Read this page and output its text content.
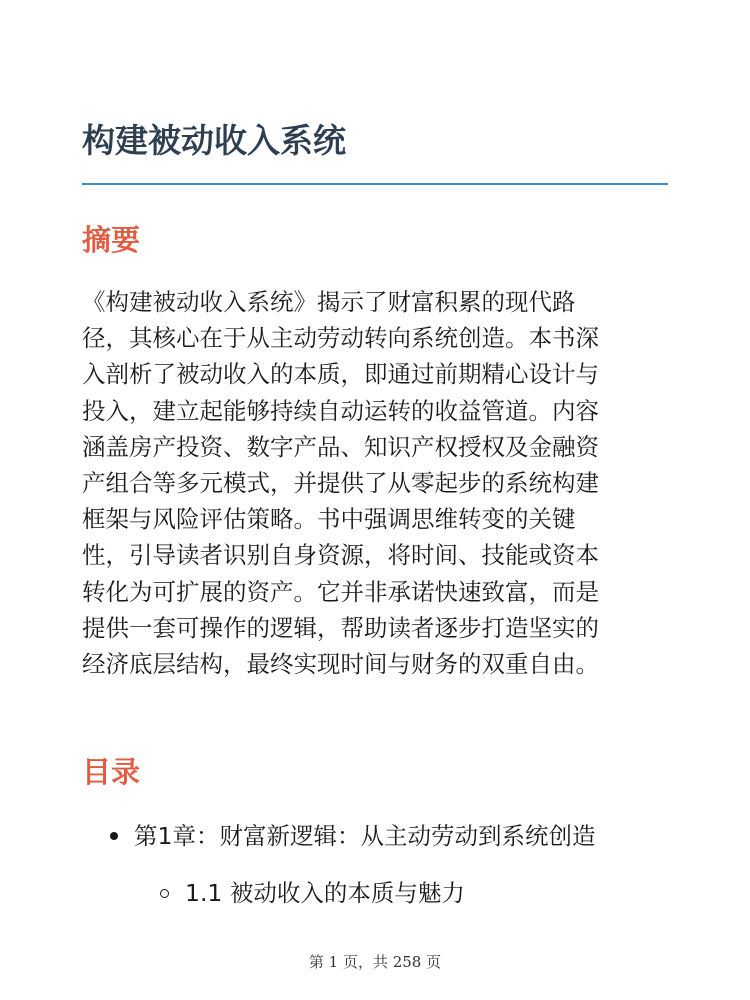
构建被动收入系统
摘要

《构建被动收入系统》揭示了财富积累的现代路
径，其核心在于从主动劳动转向系统创造。本书深
入剖析了被动收入的本质，即通过前期精心设计与
投入，建立起能够持续自动运转的收益管道。内容
涵盖房产投资、数字产品、知识产权授权及金融资
产组合等多元模式，并提供了从零起步的系统构建
框架与风险评估策略。书中强调思维转变的关键
性，引导读者识别自身资源，将时间、技能或资本
转化为可扩展的资产。它并非承诺快速致富，而是
提供一套可操作的逻辑，帮助读者逐步打造坚实的
经济底层结构，最终实现时间与财务的双重自由。

目录
第1章：财富新逻辑：从主动劳动到系统创造
1.1 被动收入的本质与魅力
第 1 页，共 258 页
